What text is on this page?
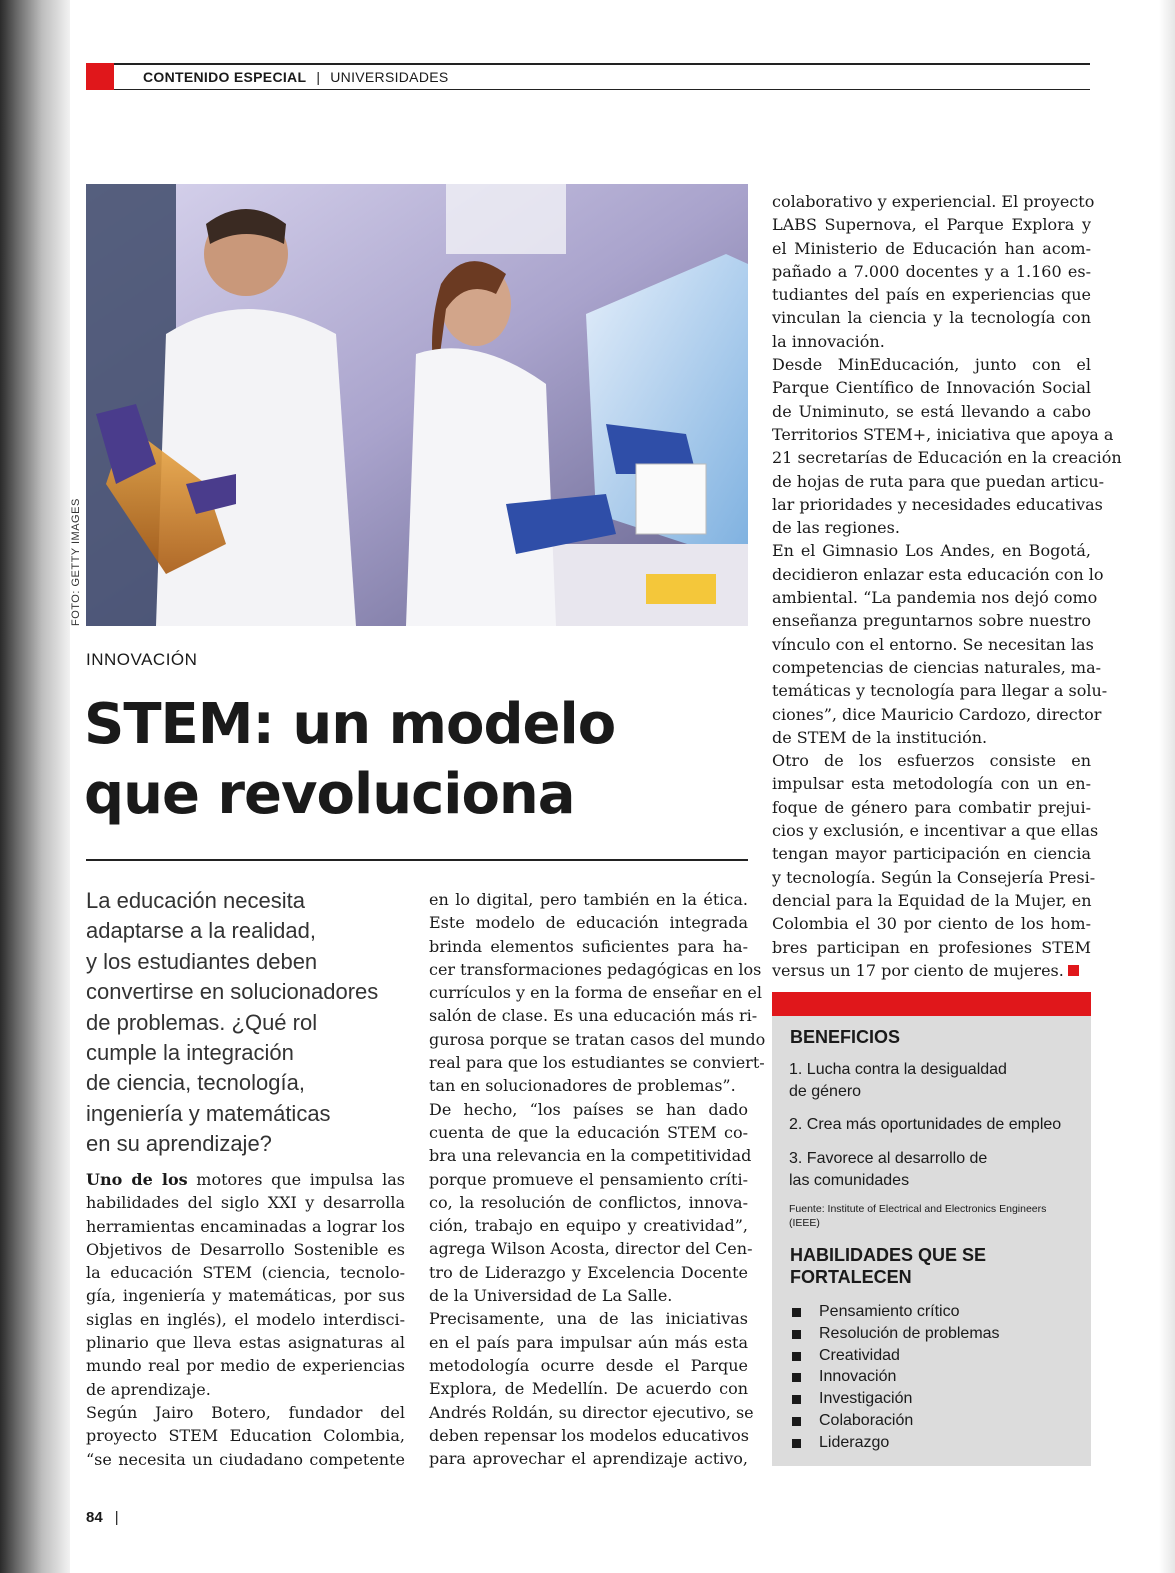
CONTENIDO ESPECIAL | UNIVERSIDADES
FOTO: GETTY IMAGES
INNOVACIÓN
STEM: un modelo
que revoluciona
La educación necesita
adaptarse a la realidad,
y los estudiantes deben
convertirse en solucionadores
de problemas. ¿Qué rol
cumple la integración
de ciencia, tecnología,
ingeniería y matemáticas
en su aprendizaje?
Uno de los motores que impulsa las
habilidades del siglo XXI y desarrolla
herramientas encaminadas a lograr los
Objetivos de Desarrollo Sostenible es
la educación STEM (ciencia, tecnolo-
gía, ingeniería y matemáticas, por sus
siglas en inglés), el modelo interdisci-
plinario que lleva estas asignaturas al
mundo real por medio de experiencias
de aprendizaje.
Según Jairo Botero, fundador del
proyecto STEM Education Colombia,
“se necesita un ciudadano competente
en lo digital, pero también en la ética.
Este modelo de educación integrada
brinda elementos suficientes para ha-
cer transformaciones pedagógicas en los
currículos y en la forma de enseñar en el
salón de clase. Es una educación más ri-
gurosa porque se tratan casos del mundo
real para que los estudiantes se conviert-
tan en solucionadores de problemas”.
De hecho, “los países se han dado
cuenta de que la educación STEM co-
bra una relevancia en la competitividad
porque promueve el pensamiento críti-
co, la resolución de conflictos, innova-
ción, trabajo en equipo y creatividad”,
agrega Wilson Acosta, director del Cen-
tro de Liderazgo y Excelencia Docente
de la Universidad de La Salle.
Precisamente, una de las iniciativas
en el país para impulsar aún más esta
metodología ocurre desde el Parque
Explora, de Medellín. De acuerdo con
Andrés Roldán, su director ejecutivo, se
deben repensar los modelos educativos
para aprovechar el aprendizaje activo,
colaborativo y experiencial. El proyecto
LABS Supernova, el Parque Explora y
el Ministerio de Educación han acom-
pañado a 7.000 docentes y a 1.160 es-
tudiantes del país en experiencias que
vinculan la ciencia y la tecnología con
la innovación.
Desde MinEducación, junto con el
Parque Científico de Innovación Social
de Uniminuto, se está llevando a cabo
Territorios STEM+, iniciativa que apoya a
21 secretarías de Educación en la creación
de hojas de ruta para que puedan articu-
lar prioridades y necesidades educativas
de las regiones.
En el Gimnasio Los Andes, en Bogotá,
decidieron enlazar esta educación con lo
ambiental. “La pandemia nos dejó como
enseñanza preguntarnos sobre nuestro
vínculo con el entorno. Se necesitan las
competencias de ciencias naturales, ma-
temáticas y tecnología para llegar a solu-
ciones”, dice Mauricio Cardozo, director
de STEM de la institución.
Otro de los esfuerzos consiste en
impulsar esta metodología con un en-
foque de género para combatir prejui-
cios y exclusión, e incentivar a que ellas
tengan mayor participación en ciencia
y tecnología. Según la Consejería Presi-
dencial para la Equidad de la Mujer, en
Colombia el 30 por ciento de los hom-
bres participan en profesiones STEM
versus un 17 por ciento de mujeres.
BENEFICIOS
1. Lucha contra la desigualdad
de género
2. Crea más oportunidades de empleo
3. Favorece al desarrollo de
las comunidades
Fuente: Institute of Electrical and Electronics Engineers (IEEE)
HABILIDADES QUE SE
FORTALECEN
Pensamiento crítico
Resolución de problemas
Creatividad
Innovación
Investigación
Colaboración
Liderazgo
84 |
